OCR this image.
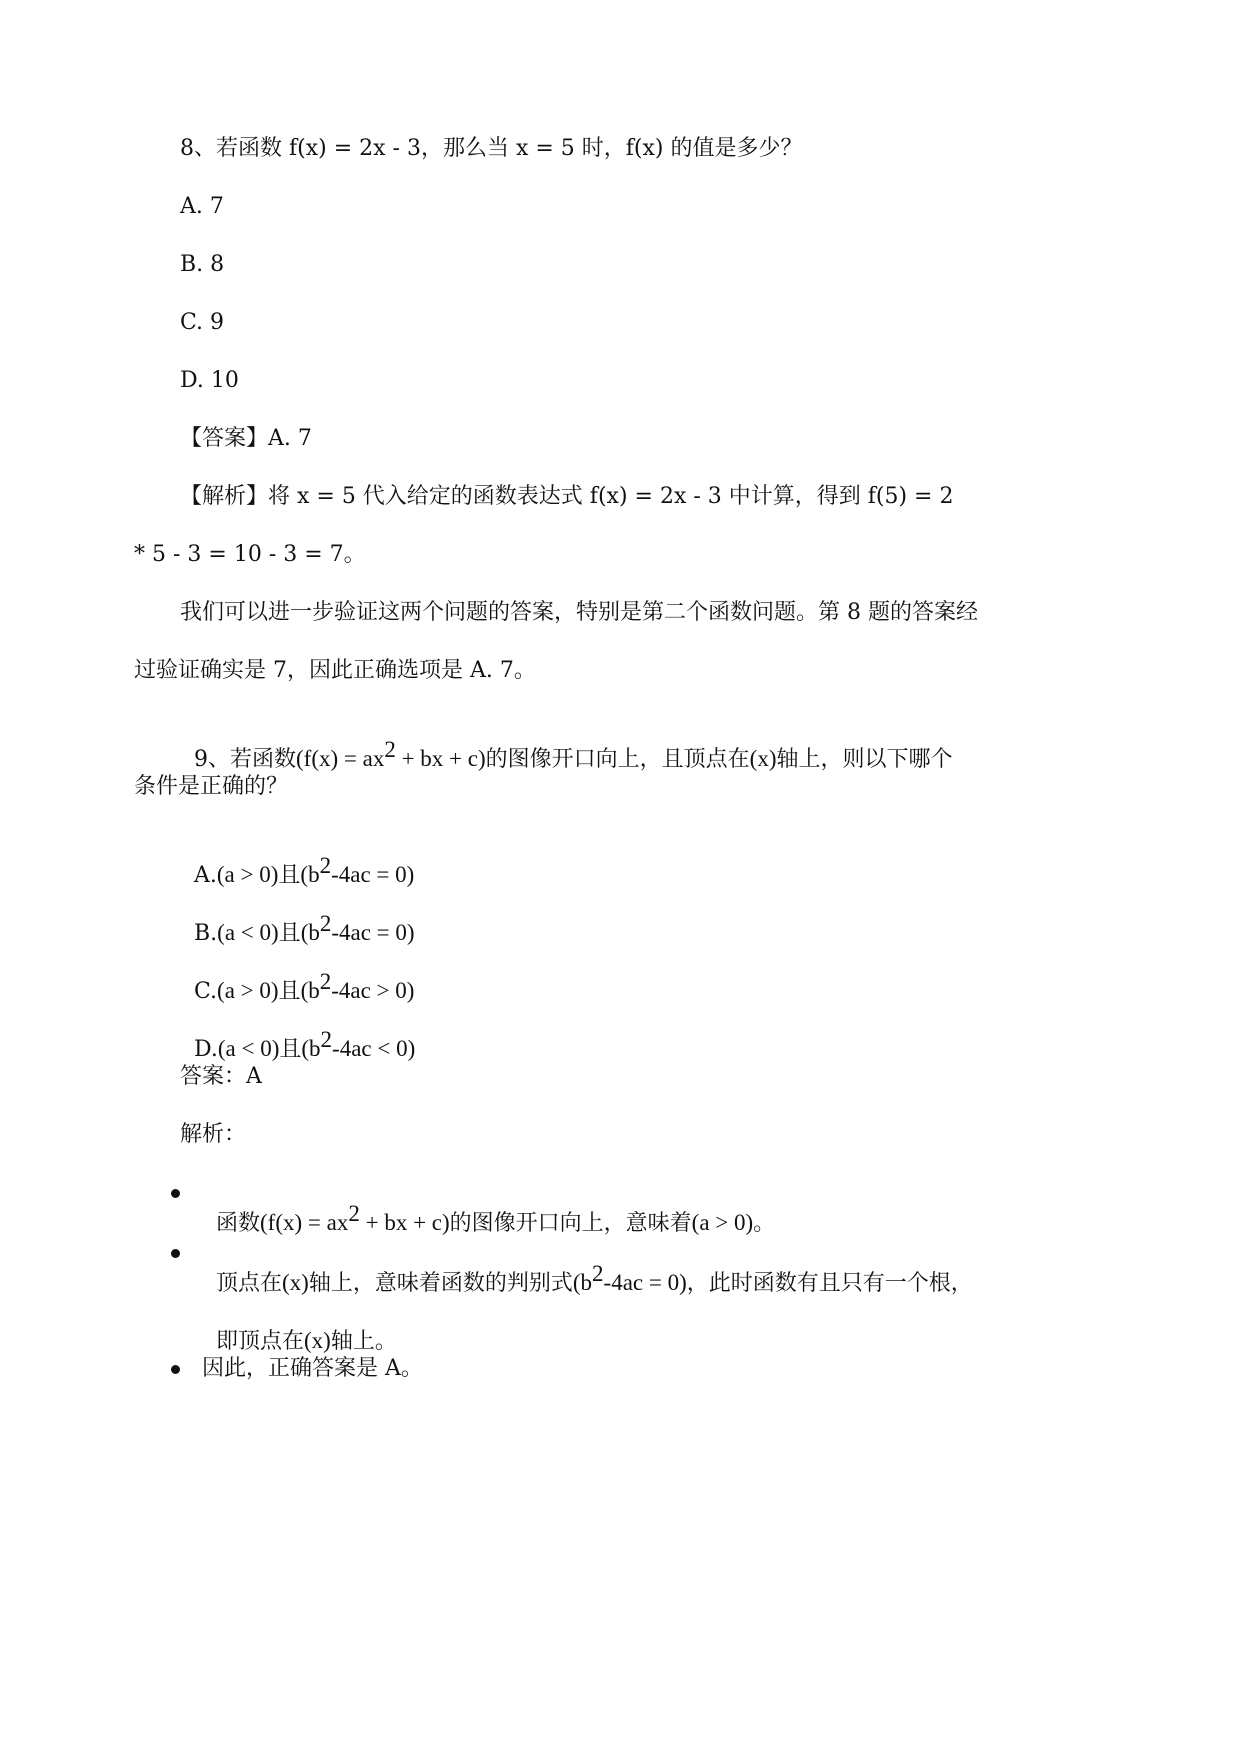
8、若函数 f(x) = 2x - 3，那么当 x = 5 时，f(x) 的值是多少？
A. 7
B. 8
C. 9
D. 10
【答案】A. 7
【解析】将 x = 5 代入给定的函数表达式 f(x) = 2x - 3 中计算，得到 f(5) = 2
* 5 - 3 = 10 - 3 = 7。
我们可以进一步验证这两个问题的答案，特别是第二个函数问题。第 8 题的答案经
过验证确实是 7，因此正确选项是 A. 7。

9、若函数($f(x) = ax^2$ + bx + c)的图像开口向上，且顶点在(x)轴上，则以下哪个

条件是正确的？

A.(a > 0)且$(b^2-4ac = 0)$

B.(a < 0)且$(b^2-4ac = 0)$

C.(a > 0)且$(b^2-4ac > 0)$

D.(a < 0)且$(b^2-4ac < 0)$

答案：A
解析：

函数($f(x) = ax^2$ + bx + c)的图像开口向上，意味着(a > 0)。

顶点在(x)轴上，意味着函数的判别式$(b^2-4ac = 0)$，此时函数有且只有一个根，

即顶点在(x)轴上。

因此，正确答案是 A。
